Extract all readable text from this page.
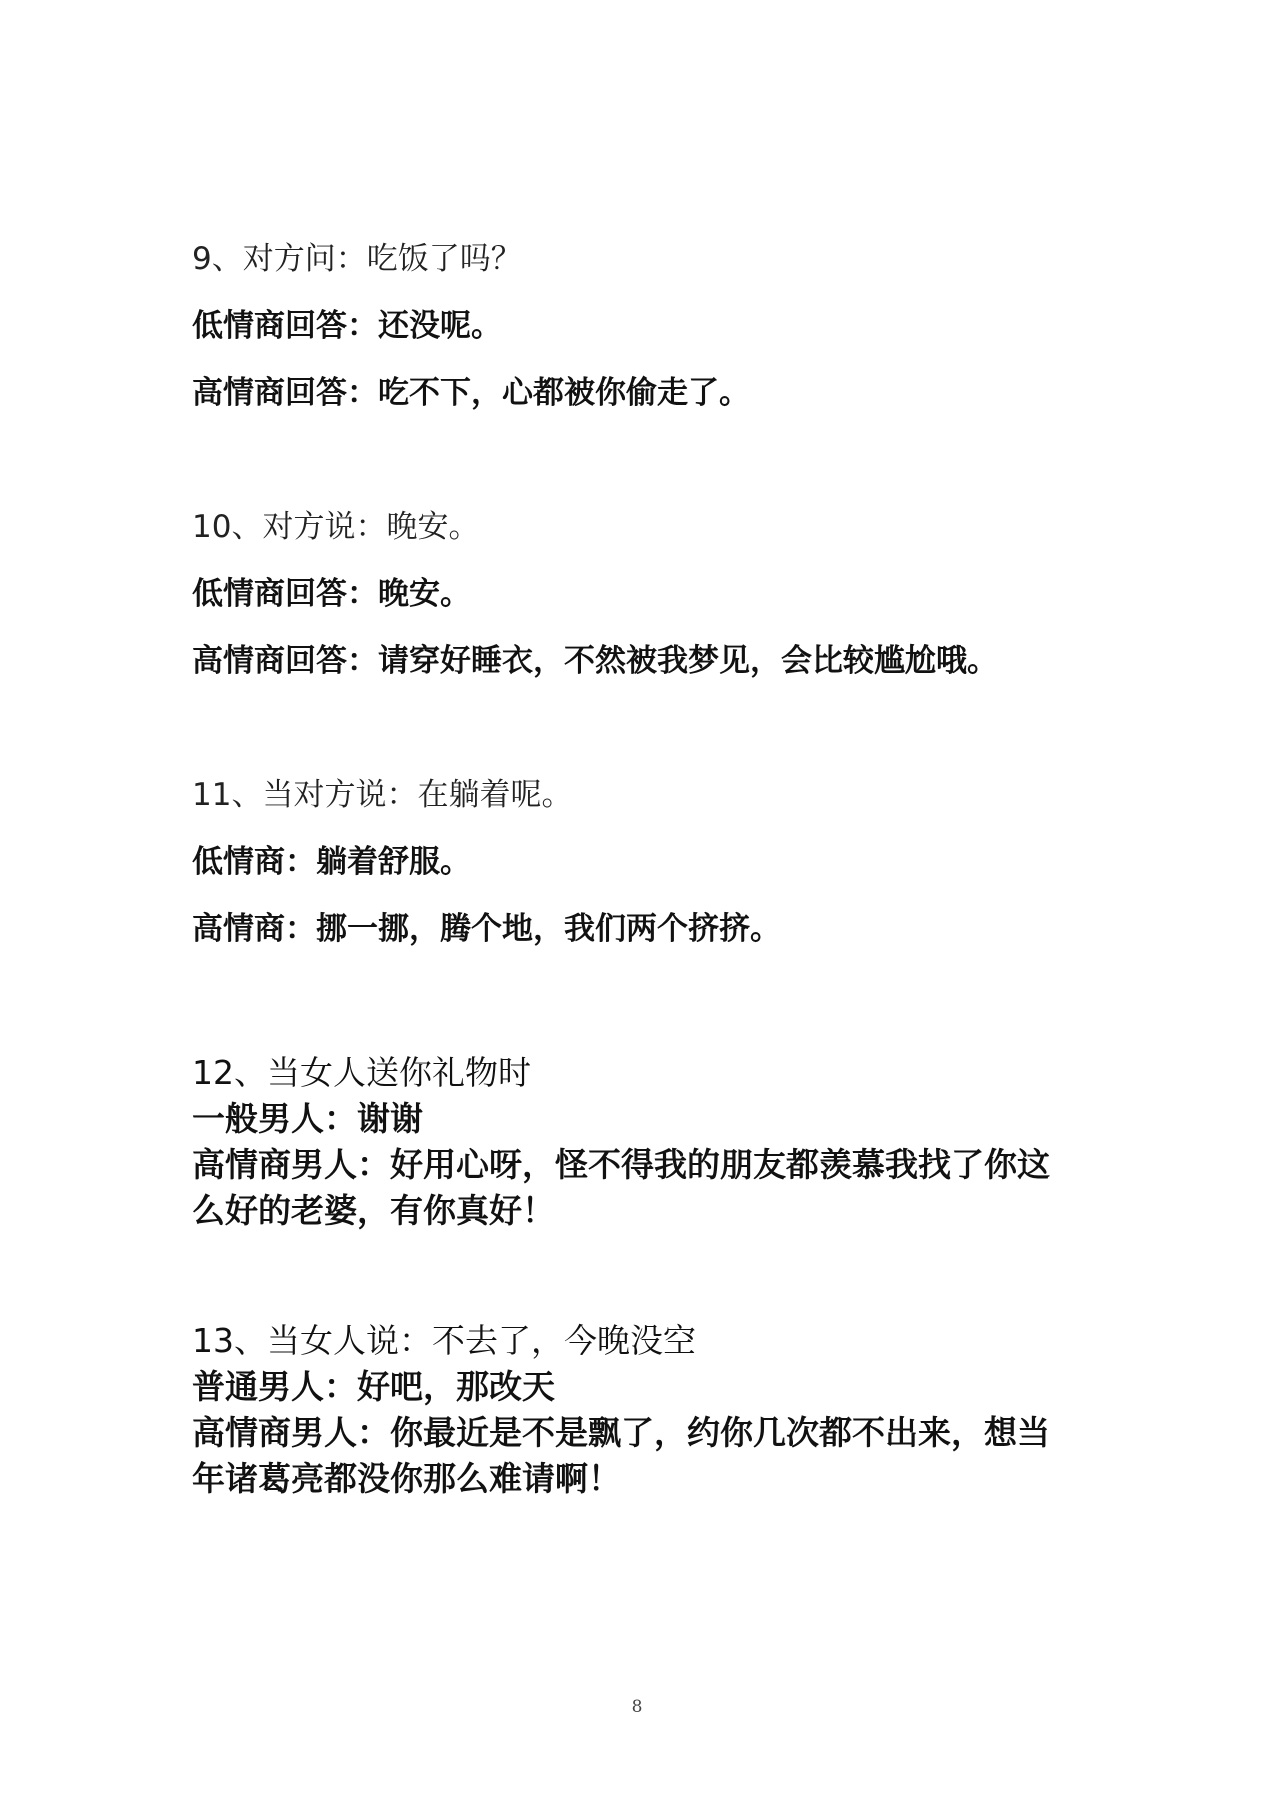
9、对方问：吃饭了吗？
低情商回答：还没呢。
高情商回答：吃不下，心都被你偷走了。
10、对方说：晚安。
低情商回答：晚安。
高情商回答：请穿好睡衣，不然被我梦见，会比较尴尬哦。
11、当对方说：在躺着呢。
低情商：躺着舒服。
高情商：挪一挪，腾个地，我们两个挤挤。
12、当女人送你礼物时
一般男人：谢谢
高情商男人：好用心呀，怪不得我的朋友都羡慕我找了你这
么好的老婆，有你真好！
13、当女人说：不去了，今晚没空
普通男人：好吧，那改天
高情商男人：你最近是不是飘了，约你几次都不出来，想当
年诸葛亮都没你那么难请啊！
8
